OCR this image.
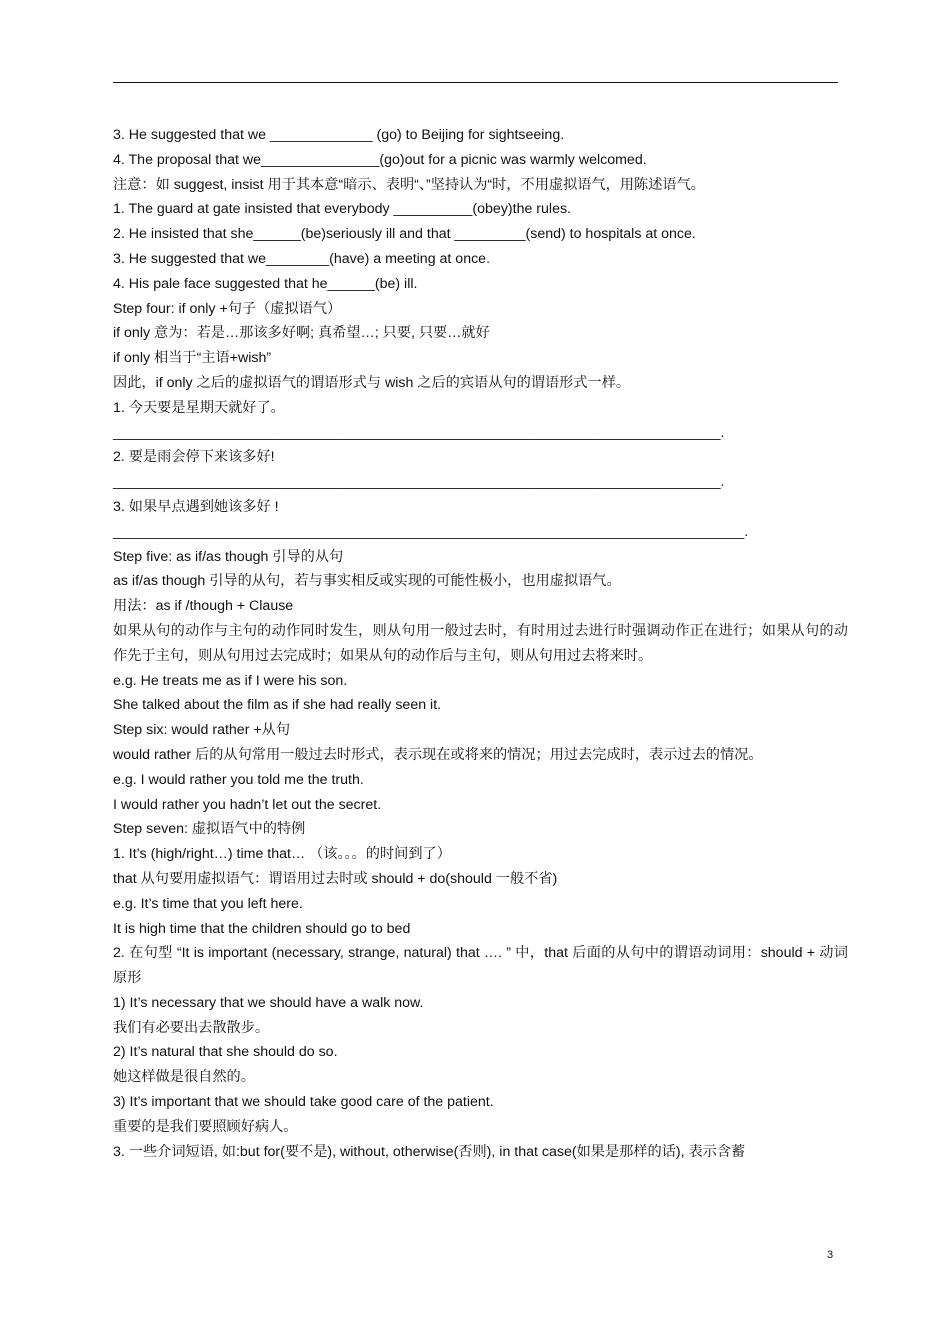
3. He suggested that we _____________ (go) to Beijing for sightseeing.
4. The proposal that we_______________(go)out for a picnic was warmly welcomed.
注意：如 suggest, insist 用于其本意“暗示、表明“、”坚持认为“时，不用虚拟语气，用陈述语气。
1. The guard at gate insisted that everybody __________(obey)the rules.
2. He insisted that she______(be)seriously ill and that _________(send) to hospitals at once.
3. He suggested that we________(have) a meeting at once.
4. His pale face suggested that he______(be) ill.
Step four: if only +句子（虚拟语气）
if only 意为：若是…那该多好啊; 真希望…; 只要, 只要…就好
if only 相当于“主语+wish”
因此，if only 之后的虚拟语气的谓语形式与 wish 之后的宾语从句的谓语形式一样。
1. 今天要是星期天就好了。
_____________________________________________________________________________.
2. 要是雨会停下来该多好!
_____________________________________________________________________________.
3. 如果早点遇到她该多好 !
________________________________________________________________________________.
Step five: as if/as though 引导的从句
as if/as though 引导的从句，若与事实相反或实现的可能性极小，也用虚拟语气。
用法：as if /though + Clause
如果从句的动作与主句的动作同时发生，则从句用一般过去时，有时用过去进行时强调动作正在进行；如果从句的动作先于主句，则从句用过去完成时；如果从句的动作后与主句，则从句用过去将来时。
e.g. He treats me as if I were his son.
She talked about the film as if she had really seen it.
Step six: would rather +从句
would rather 后的从句常用一般过去时形式，表示现在或将来的情况；用过去完成时，表示过去的情况。
e.g. I would rather you told me the truth.
I would rather you hadn’t let out the secret.
Step seven: 虚拟语气中的特例
1. It’s (high/right…) time that… （该。。。的时间到了）
that 从句要用虚拟语气：谓语用过去时或 should + do(should 一般不省)
e.g. It’s time that you left here.
It is high time that the children should go to bed
2. 在句型 “It is important (necessary, strange, natural) that …. ” 中，that 后面的从句中的谓语动词用：should + 动词原形
1) It’s necessary that we should have a walk now.
我们有必要出去散散步。
2) It’s natural that she should do so.
她这样做是很自然的。
3) It’s important that we should take good care of the patient.
重要的是我们要照顾好病人。
3. 一些介词短语, 如:but for(要不是), without, otherwise(否则), in that case(如果是那样的话), 表示含蓄
3
